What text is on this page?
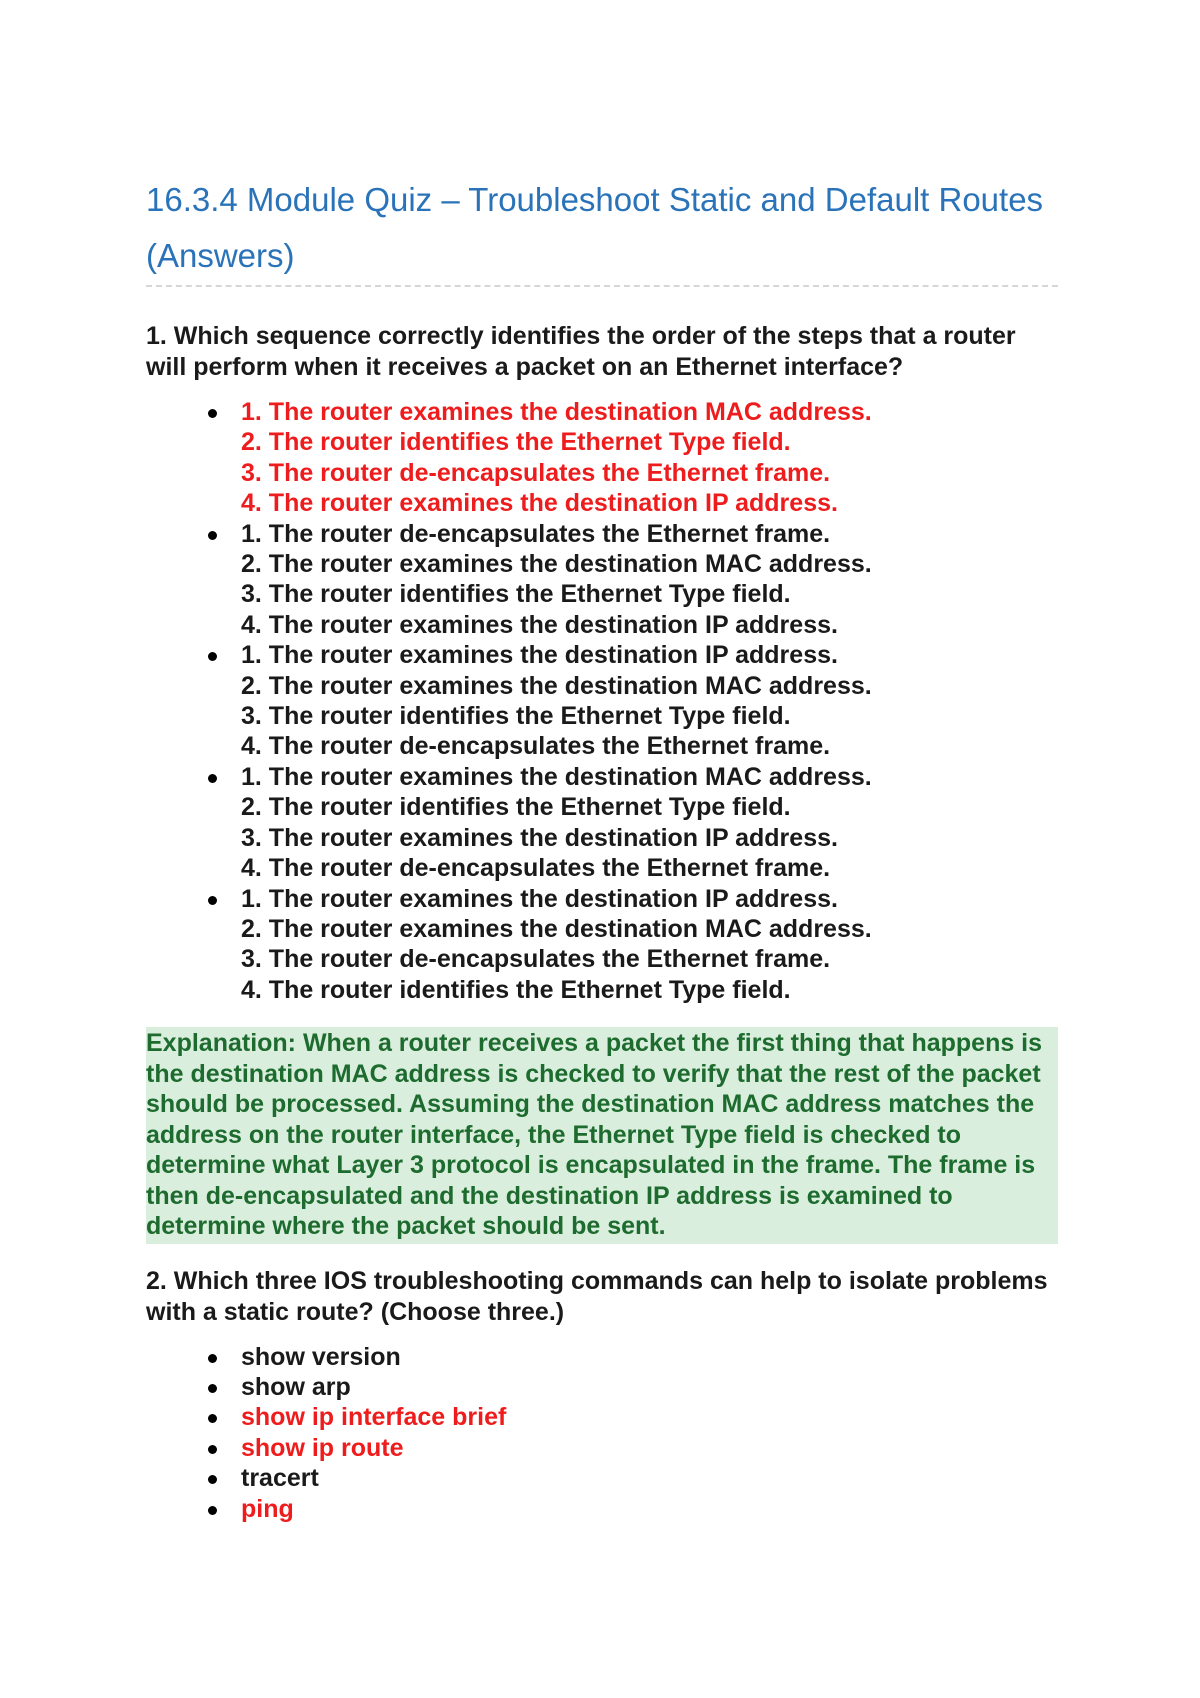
16.3.4 Module Quiz – Troubleshoot Static and Default Routes (Answers)

1. Which sequence correctly identifies the order of the steps that a router will perform when it receives a packet on an Ethernet interface?

1. The router examines the destination MAC address.
2. The router identifies the Ethernet Type field.
3. The router de-encapsulates the Ethernet frame.
4. The router examines the destination IP address.
1. The router de-encapsulates the Ethernet frame.
2. The router examines the destination MAC address.
3. The router identifies the Ethernet Type field.
4. The router examines the destination IP address.
1. The router examines the destination IP address.
2. The router examines the destination MAC address.
3. The router identifies the Ethernet Type field.
4. The router de-encapsulates the Ethernet frame.
1. The router examines the destination MAC address.
2. The router identifies the Ethernet Type field.
3. The router examines the destination IP address.
4. The router de-encapsulates the Ethernet frame.
1. The router examines the destination IP address.
2. The router examines the destination MAC address.
3. The router de-encapsulates the Ethernet frame.
4. The router identifies the Ethernet Type field.
Explanation: When a router receives a packet the first thing that happens is the destination MAC address is checked to verify that the rest of the packet should be processed. Assuming the destination MAC address matches the address on the router interface, the Ethernet Type field is checked to determine what Layer 3 protocol is encapsulated in the frame. The frame is then de-encapsulated and the destination IP address is examined to determine where the packet should be sent.

2. Which three IOS troubleshooting commands can help to isolate problems with a static route? (Choose three.)

show version
show arp
show ip interface brief
show ip route
tracert
ping
